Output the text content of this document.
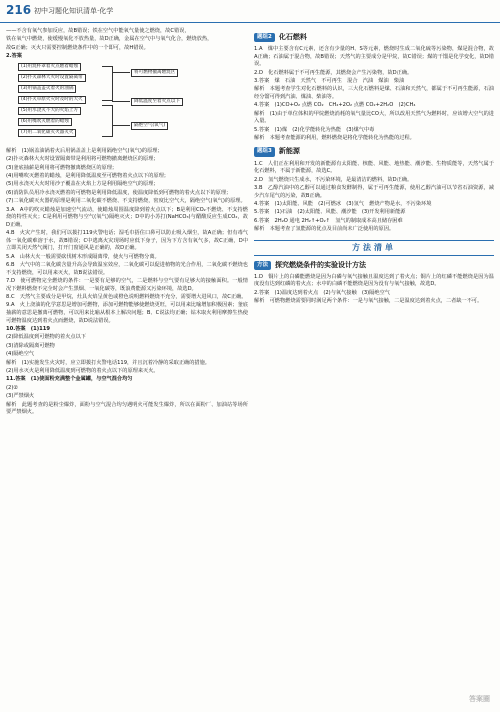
216 初中习题化知识清单·化学

——不含有氧气参加反应，故B错误；铁在空气中能氧气量使之燃烧，故C错误，

铁在氧气中燃烧，使缓慢氧化不放热量，故D正确，金属在空气中与氧气化合，燃烧放热，

故G正确；灭火只需要控制燃烧条件中的一个即可，故H错误。

2.答案

(1)用烧杯罩着火点燃着蜡烛
(2)扑灭森林大火时设置隔离带
(3)用锅盖盖灭着火的油锅
(4)扑灭草原火灾时及时的大火
(5)用水浇灭不大的火焰上方
(6)用嘴吹灭燃着的蜡烛
(7)用二氧化碳灭火器灭火
将可燃物撤离燃烧区
降低温度至着火点以下
隔绝空气(氧气)

解析　(1)锅盖油锅着火后用锅盖盖上是利用隔绝空气(氧气)的原理；

(2)扑灭森林大火时设置隔离带是利用将可燃物撤离燃烧区的原理；

(3)釜底抽薪是利用将可燃物撤离燃烧区的原理；

(4)用嘴吹灭燃着的蜡烛，是利用降低温度至可燃物着火点以下的原理；

(5)用水浇灭大火时用沙子覆盖在火焰上方是利用隔绝空气的原理；

(6)消防队员用冷水浇灭燃着的可燃物是利用降低温度，使温度降低到可燃物的着火点以下的原理；

(7)二氧化碳灭火器的原理是利用二氧化碳不燃烧、不支持燃烧，密度比空气大，隔绝空气(氧气)的原理。

3.A　A中的吹灭蜡烛是加速空气流动，使蜡烛周围温度降到着火点以下；B是利用CO₂不燃烧、不支持燃烧的特性灭火；C是利用可燃物与空气(氧气)隔绝灭火；D中的小苏打(NaHCO₃)与醋酸反应生成CO₂，故D正确。

4.B　火灾产生时，我们可以拨打119火警电话；湿毛巾捂住口鼻可以防止吸入烟尘，故A正确；但有毒气体一氧化碳难溶于水，故B错误；C中逃离火灾现场时应低下身子，因为下方含有氧气多，故C正确，D中立即关闭天然气阀门，打开门窗通风是正确的，故D正确。

5.A　山林大火一般需要砍伐树木形成隔离带，使火与可燃物分离。

6.B　大气中的二氧化碳含量升高会导致温室效应，二氧化碳可以促进植物的光合作用，二氧化碳不燃烧也不支持燃烧，可以用来灭火，故B说法错误。

7.D　使可燃物完全燃烧的条件：一是要有足够的空气，二是燃料与空气要有足够大的接触面积。一般情况下燃料燃烧不完全时会产生黑烟、一氧化碳等，既浪费能源又污染环境，故选D。

8.C　天然气主要成分是甲烷，灶具火焰呈黄色或橙色说明燃料燃烧不充分，需要增大进风口，故C正确。

9.A　火上浇油的化学意思是增加可燃物，添加可燃物能够使燃烧更旺，可以用来比喻增加积极因素；釜底抽薪的意思是撤离可燃物，可以用来比喻从根本上解决问题；B、C说法均正确；钻木取火利用摩擦生热使可燃物温度达到着火点而燃烧，故D说法错误。

10.答案　(1)119

(2)降低温度到可燃物的着火点以下

(3)清除或隔离可燃物

(4)隔绝空气

解析　(1)实施发生火灾时，应立即拨打火警电话119，并且沉着冷静的采取正确的措施。

(2)用水灭火是利用降低温度到可燃物的着火点以下的原理来灭火。

11.答案　(1)使面粉充满整个金属罐，与空气混合均匀

(2)②

(3)严禁烟火

解析　此题考查的是粉尘爆炸，面粉与空气混合均匀遇明火可能发生爆炸，所以在面粉厂、加油站等场所要严禁烟火。

题组2	化石燃料

1.A　煤中主要含有C元素，还含有少量的H、S等元素，燃烧时生成二氧化硫等污染物，煤是混合物，故A正确；石油属于混合物，故B错误；天然气的主要成分是甲烷，故C错误；煤的干馏是化学变化，故D错误。

2.D　化石燃料属于不可再生能源，其燃烧会产生污染物，故D正确。

3.答案　煤　石油　天然气　不可再生　混合　汽油　煤油　柴油

解析　本题考查学生对化石燃料的认识，三大化石燃料是煤、石油和天然气，都属于不可再生能源，石油经分馏可得到汽油、煤油、柴油等。

4.答案　(1)CO+O₂ 点燃 CO₂　CH₄+2O₂ 点燃 CO₂+2H₂O　(2)CH₄

解析　(1)由于单位体积的甲烷燃烧消耗的氧气量比CO大，所以改用天然气为燃料时，应该增大空气的进入量。

5.答案　(1)煤　(2)化学能转化为热能　(3)煤气中毒

解析　本题考查能源的利用，燃料燃烧是将化学能转化为热能的过程。

题组3	新能源

1.C　人们正在利用和开发的新能源有太阳能、核能、风能、地热能、潮汐能、生物质能等，天然气属于化石燃料，不属于新能源，故选C。

2.D　氢气燃烧只生成水，不污染环境，是最清洁的燃料，故D正确。

3.B　乙醇汽油中的乙醇可以通过粮食发酵制得，属于可再生能源，使用乙醇汽油可以节省石油资源，减少汽车尾气的污染，故B正确。

4.答案　(1)太阳能、风能　(2)可燃冰　(3)氢气　燃烧产物是水，不污染环境

5.答案　(1)石油　(2)太阳能、风能、潮汐能　(3)开发利用新能源

6.答案　2H₂O 通电 2H₂↑+O₂↑　氢气的制取成本高且储存困难

解析　本题考查了氢能源的优点及目前尚未广泛使用的原因。

方法清单
方法	探究燃烧条件的实验设计方法

1.D　铜片上的白磷能燃烧是因为白磷与氧气接触且温度达到了着火点；铜片上的红磷不能燃烧是因为温度没有达到红磷的着火点；水中的白磷不能燃烧是因为没有与氧气接触，故选D。

2.答案　(1)温度达到着火点　(2)与氧气接触　(3)隔绝空气

解析　可燃物燃烧需要同时满足两个条件：一是与氧气接触，二是温度达到着火点，二者缺一不可。

答案圈
